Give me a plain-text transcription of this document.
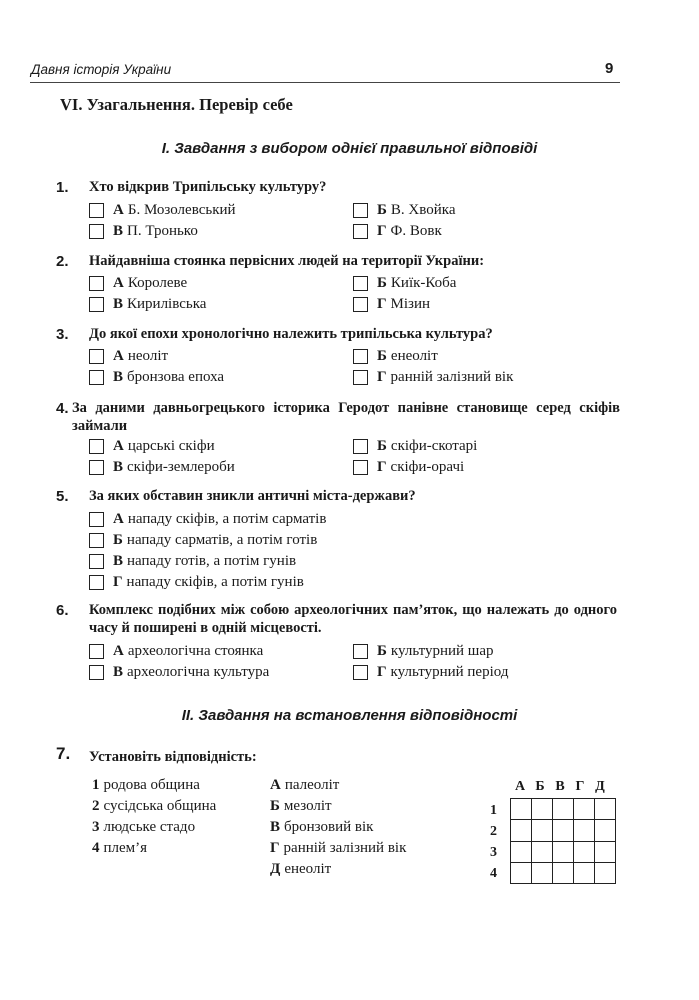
Давня історія України	9
VI. Узагальнення. Перевір себе
I. Завдання з вибором однієї правильної відповіді
1. Хто відкрив Трипільську культуру?
А Б. Мозолевський	Б В. Хвойка
В П. Тронько	Г Ф. Вовк
2. Найдавніша стоянка первісних людей на території України:
А Королеве	Б Киїк-Коба
В Кирилівська	Г Мізин
3. До якої епохи хронологічно належить трипільська культура?
А неоліт	Б енеоліт
В бронзова епоха	Г ранній залізний вік
4. За даними давньогрецького історика Геродот панівне становище серед скіфів займали
А царські скіфи	Б скіфи-скотарі
В скіфи-землероби	Г скіфи-орачі
5. За яких обставин зникли античні міста-держави?
А нападу скіфів, а потім сарматів
Б нападу сарматів, а потім готів
В нападу готів, а потім гунів
Г нападу скіфів, а потім гунів
6. Комплекс подібних між собою археологічних пам’яток, що належать до одного часу й поширені в одній місцевості.
А археологічна стоянка	Б культурний шар
В археологічна культура	Г культурний період
II. Завдання на встановлення відповідності
7. Установіть відповідність:
1 родова община
2 сусідська община
3 людське стадо
4 плем’я
А палеоліт
Б мезоліт
В бронзовий вік
Г ранній залізний вік
Д енеоліт
А Б В Г Д
1
2
3
4
